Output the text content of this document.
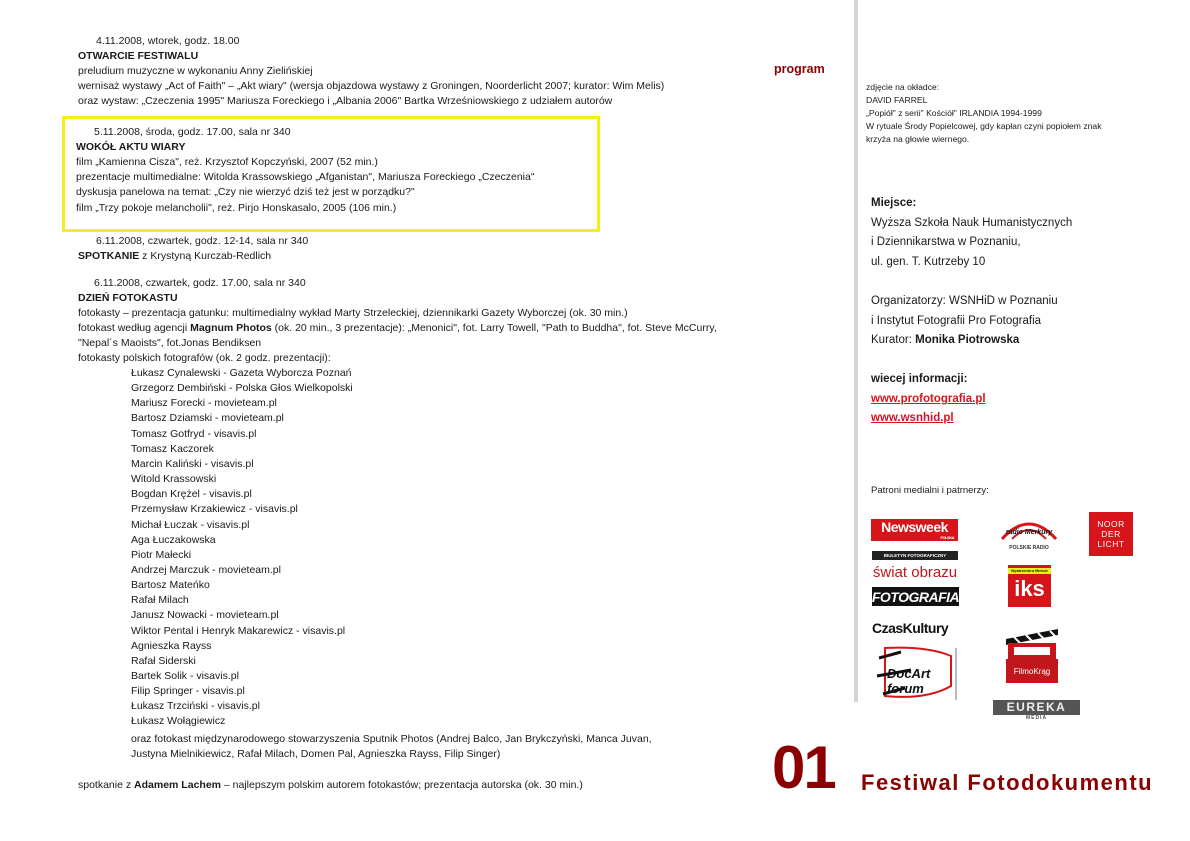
4.11.2008, wtorek, godz. 18.00
OTWARCIE FESTIWALU
preludium muzyczne w wykonaniu Anny Zielińskiej
wernisaż wystawy „Act of Faith" – „Akt wiary" (wersja objazdowa wystawy z Groningen, Noorderlicht 2007; kurator: Wim Melis)
oraz wystaw: „Czeczenia 1995" Mariusza Foreckiego i „Albania 2006" Bartka Wrześniowskiego z udziałem autorów
program
5.11.2008, środa, godz. 17.00, sala nr 340
WOKÓŁ AKTU WIARY
film „Kamienna Cisza", reż. Krzysztof Kopczyński, 2007 (52 min.)
prezentacje multimedialne: Witolda Krassowskiego „Afganistan", Mariusza Foreckiego „Czeczenia"
dyskusja panelowa na temat: „Czy nie wierzyć dziś też jest w porządku?"
film „Trzy pokoje melancholii", reż. Pirjo Honskasalo, 2005 (106 min.)
6.11.2008, czwartek, godz. 12-14, sala nr 340
SPOTKANIE z Krystyną Kurczab-Redlich
6.11.2008, czwartek, godz. 17.00, sala nr 340
DZIEŃ FOTOKASTU
fotokasty – prezentacja gatunku: multimedialny wykład Marty Strzeleckiej, dziennikarki Gazety Wyborczej (ok. 30 min.)
fotokast według agencji Magnum Photos (ok. 20 min., 3 prezentacje): „Menonici", fot. Larry Towell, "Path to Buddha", fot. Steve McCurry,
"Nepal´s Maoists", fot.Jonas Bendiksen
fotokasty polskich fotografów (ok. 2 godz. prezentacji):
Łukasz Cynalewski - Gazeta Wyborcza Poznań
Grzegorz Dembiński - Polska Głos Wielkopolski
Mariusz Forecki - movieteam.pl
Bartosz Dziamski - movieteam.pl
Tomasz Gotfryd - visavis.pl
Tomasz Kaczorek
Marcin Kaliński - visavis.pl
Witold Krassowski
Bogdan Krężel - visavis.pl
Przemysław Krzakiewicz - visavis.pl
Michał Łuczak - visavis.pl
Aga Łuczakowska
Piotr Małecki
Andrzej Marczuk - movieteam.pl
Bartosz Mateńko
Rafał Milach
Janusz Nowacki - movieteam.pl
Wiktor Pental i Henryk Makarewicz - visavis.pl
Agnieszka Rayss
Rafał Siderski
Bartek Solik - visavis.pl
Filip Springer - visavis.pl
Łukasz Trzciński - visavis.pl
Łukasz Wołągiewicz
oraz fotokast międzynarodowego stowarzyszenia Sputnik Photos (Andrej Balco, Jan Brykczyński, Manca Juvan,
Justyna Mielnikiewicz, Rafał Milach, Domen Pal, Agnieszka Rayss, Filip Singer)
spotkanie z Adamem Lachem – najlepszym polskim autorem fotokastów; prezentacja autorska (ok. 30 min.)
zdjęcie na okładce:
DAVID FARREL
„Popiół" z serii" Kościół" IRLANDIA 1994-1999
W rytuale Środy Popielcowej, gdy kapłan czyni popiołem znak
krzyża na głowie wiernego.
Miejsce:
Wyższa Szkoła Nauk Humanistycznych
i Dziennikarstwa w Poznaniu,
ul. gen. T. Kutrzeby 10
Organizatorzy: WSNHiD w Poznaniu
i Instytut Fotografii Pro Fotografia
Kurator: Monika Piotrowska
wiecej informacji:
www.profotografia.pl
www.wsnhid.pl
Patroni medialni i patrnerzy:
Newsweek
POLSKA
radio Merkury
POLSKIE RADIO
NOOR DER LICHT
BIULETYN FOTOGRAFICZNY
świat obrazu
FOTOGRAFIA
Wydarzenia w Mieście
iks
CzasKultury
DocArt forum
FilmoKrąg
EUREKA
MEDIA
01 Festiwal Fotodokumentu
